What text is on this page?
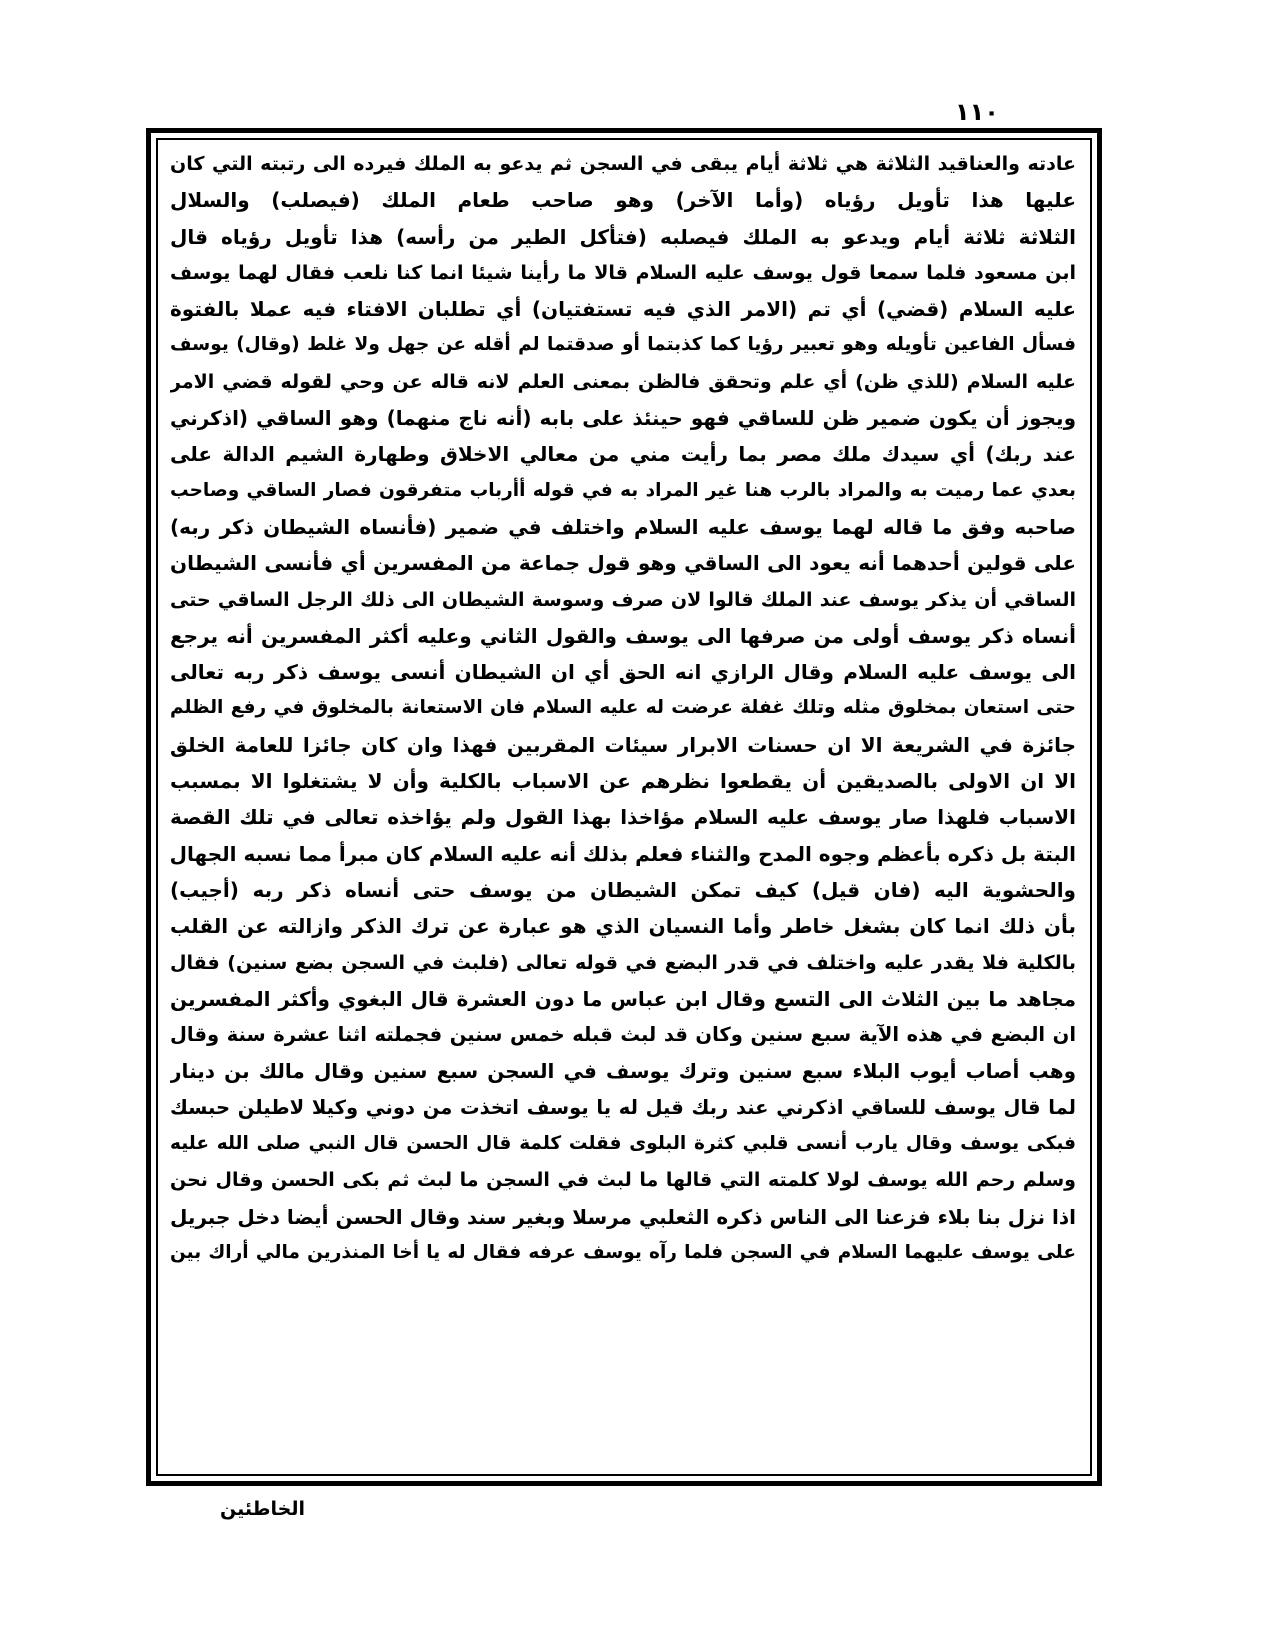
١١٠
عادته والعناقيد الثلاثة هي ثلاثة أيام يبقى في السجن ثم يدعو به الملك فيرده الى رتبته التي كان
عليها هذا تأويل رؤياه (وأما الآخر) وهو صاحب طعام الملك (فيصلب) والسلال
الثلاثة ثلاثة أيام ويدعو به الملك فيصلبه (فتأكل الطير من رأسه) هذا تأويل رؤياه قال
ابن مسعود فلما سمعا قول يوسف عليه السلام قالا ما رأينا شيئا انما كنا نلعب فقال لهما يوسف
عليه السلام (قضي) أي تم (الامر الذي فيه تستفتيان) أي تطلبان الافتاء فيه عملا بالفتوة
فسأل الفاعين تأويله وهو تعبير رؤيا كما كذبتما أو صدقتما لم أقله عن جهل ولا غلط (وقال) يوسف
عليه السلام (للذي ظن) أي علم وتحقق فالظن بمعنى العلم لانه قاله عن وحي لقوله قضي الامر
ويجوز أن يكون ضمير ظن للساقي فهو حينئذ على بابه (أنه ناج منهما) وهو الساقي (اذكرني
عند ربك) أي سيدك ملك مصر بما رأيت مني من معالي الاخلاق وطهارة الشيم الدالة على
بعدي عما رميت به والمراد بالرب هنا غير المراد به في قوله أأرباب متفرقون فصار الساقي وصاحب
صاحبه وفق ما قاله لهما يوسف عليه السلام واختلف في ضمير (فأنساه الشيطان ذكر ربه)
على قولين أحدهما أنه يعود الى الساقي وهو قول جماعة من المفسرين أي فأنسى الشيطان
الساقي أن يذكر يوسف عند الملك قالوا لان صرف وسوسة الشيطان الى ذلك الرجل الساقي حتى
أنساه ذكر يوسف أولى من صرفها الى يوسف والقول الثاني وعليه أكثر المفسرين أنه يرجع
الى يوسف عليه السلام وقال الرازي انه الحق أي ان الشيطان أنسى يوسف ذكر ربه تعالى
حتى استعان بمخلوق مثله وتلك غفلة عرضت له عليه السلام فان الاستعانة بالمخلوق في رفع الظلم
جائزة في الشريعة الا ان حسنات الابرار سيئات المقربين فهذا وان كان جائزا للعامة الخلق
الا ان الاولى بالصديقين أن يقطعوا نظرهم عن الاسباب بالكلية وأن لا يشتغلوا الا بمسبب
الاسباب فلهذا صار يوسف عليه السلام مؤاخذا بهذا القول ولم يؤاخذه تعالى في تلك القصة
البتة بل ذكره بأعظم وجوه المدح والثناء فعلم بذلك أنه عليه السلام كان مبرأ مما نسبه الجهال
والحشوية اليه (فان قيل) كيف تمكن الشيطان من يوسف حتى أنساه ذكر ربه (أجيب)
بأن ذلك انما كان بشغل خاطر وأما النسيان الذي هو عبارة عن ترك الذكر وازالته عن القلب
بالكلية فلا يقدر عليه واختلف في قدر البضع في قوله تعالى (فلبث في السجن بضع سنين) فقال
مجاهد ما بين الثلاث الى التسع وقال ابن عباس ما دون العشرة قال البغوي وأكثر المفسرين
ان البضع في هذه الآية سبع سنين وكان قد لبث قبله خمس سنين فجملته اثنا عشرة سنة وقال
وهب أصاب أيوب البلاء سبع سنين وترك يوسف في السجن سبع سنين وقال مالك بن دينار
لما قال يوسف للساقي اذكرني عند ربك قيل له يا يوسف اتخذت من دوني وكيلا لاطيلن حبسك
فبكى يوسف وقال يارب أنسى قلبي كثرة البلوى فقلت كلمة قال الحسن قال النبي صلى الله عليه
وسلم رحم الله يوسف لولا كلمته التي قالها ما لبث في السجن ما لبث ثم بكى الحسن وقال نحن
اذا نزل بنا بلاء فزعنا الى الناس ذكره الثعلبي مرسلا وبغير سند وقال الحسن أيضا دخل جبريل
على يوسف عليهما السلام في السجن فلما رآه يوسف عرفه فقال له يا أخا المنذرين مالي أراك بين
الخاطئين
